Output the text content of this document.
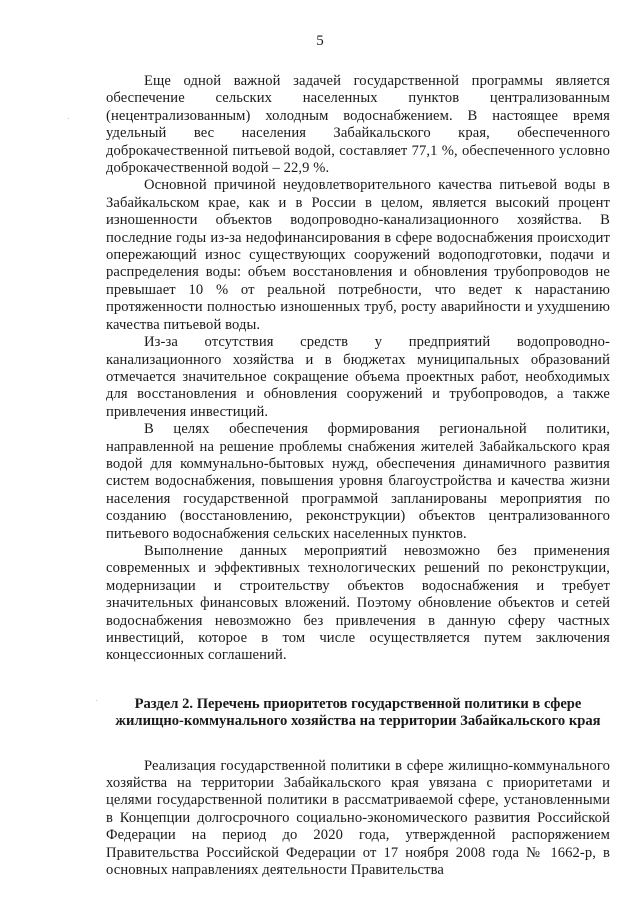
5

Еще одной важной задачей государственной программы является обеспечение сельских населенных пунктов централизованным (нецентрализованным) холодным водоснабжением. В настоящее время удельный вес населения Забайкальского края, обеспеченного доброкачественной питьевой водой, составляет 77,1 %, обеспеченного условно доброкачественной водой – 22,9 %.

Основной причиной неудовлетворительного качества питьевой воды в Забайкальском крае, как и в России в целом, является высокий процент изношенности объектов водопроводно-канализационного хозяйства. В последние годы из-за недофинансирования в сфере водоснабжения происходит опережающий износ существующих сооружений водоподготовки, подачи и распределения воды: объем восстановления и обновления трубопроводов не превышает 10 % от реальной потребности, что ведет к нарастанию протяженности полностью изношенных труб, росту аварийности и ухудшению качества питьевой воды.

Из-за отсутствия средств у предприятий водопроводно-канализационного хозяйства и в бюджетах муниципальных образований отмечается значительное сокращение объема проектных работ, необходимых для восстановления и обновления сооружений и трубопроводов, а также привлечения инвестиций.

В целях обеспечения формирования региональной политики, направленной на решение проблемы снабжения жителей Забайкальского края водой для коммунально-бытовых нужд, обеспечения динамичного развития систем водоснабжения, повышения уровня благоустройства и качества жизни населения государственной программой запланированы мероприятия по созданию (восстановлению, реконструкции) объектов централизованного питьевого водоснабжения сельских населенных пунктов.

Выполнение данных мероприятий невозможно без применения современных и эффективных технологических решений по реконструкции, модернизации и строительству объектов водоснабжения и требует значительных финансовых вложений. Поэтому обновление объектов и сетей водоснабжения невозможно без привлечения в данную сферу частных инвестиций, которое в том числе осуществляется путем заключения концессионных соглашений.

Раздел 2. Перечень приоритетов государственной политики в сфере
жилищно-коммунального хозяйства на территории Забайкальского края

Реализация государственной политики в сфере жилищно-коммунального хозяйства на территории Забайкальского края увязана с приоритетами и целями государственной политики в рассматриваемой сфере, установленными в Концепции долгосрочного социально-экономического развития Российской Федерации на период до 2020 года, утвержденной распоряжением Правительства Российской Федерации от 17 ноября 2008 года № 1662-р, в основных направлениях деятельности Правительства
